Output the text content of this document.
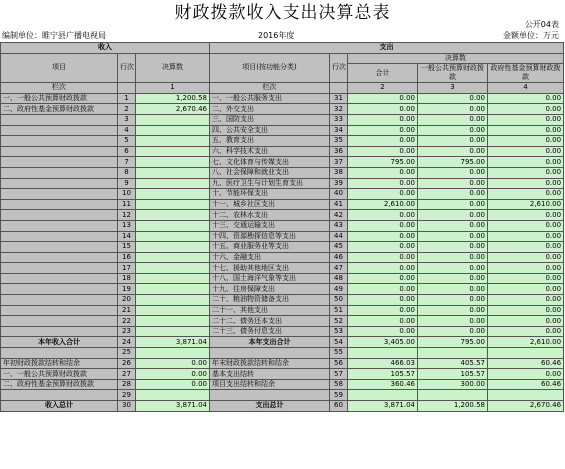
财政拨款收入支出决算总表
公开04表
编制单位： 睢宁县广播电视局	2016年度	金额单位：万元
收入			支出				
项目	行次	决算数	项目(按功能分类)	行次	决算数		
					合计	一般公共预算财政拨款	政府性基金预算财政拨款

栏次		1	栏次		2	3	4
一、一般公共预算财政拨款	1	1,200.58	一、一般公共服务支出	31	0.00	0.00	0.00
二、政府性基金预算财政拨款	2	2,670.46	二、外交支出	32	0.00	0.00	0.00
	3		三、国防支出	33	0.00	0.00	0.00
	4		四、公共安全支出	34	0.00	0.00	0.00
	5		五、教育支出	35	0.00	0.00	0.00
	6		六、科学技术支出	36	0.00	0.00	0.00
	7		七、文化体育与传媒支出	37	795.00	795.00	0.00
	8		八、社会保障和就业支出	38	0.00	0.00	0.00
	9		九、医疗卫生与计划生育支出	39	0.00	0.00	0.00
	10		十、节能环保支出	40	0.00	0.00	0.00
	11		十一、城乡社区支出	41	2,610.00	0.00	2,610.00
	12		十二、农林水支出	42	0.00	0.00	0.00
	13		十三、交通运输支出	43	0.00	0.00	0.00
	14		十四、资源勘探信息等支出	44	0.00	0.00	0.00
	15		十五、商业服务业等支出	45	0.00	0.00	0.00
	16		十六、金融支出	46	0.00	0.00	0.00
	17		十七、援助其他地区支出	47	0.00	0.00	0.00
	18		十八、国土海洋气象等支出	48	0.00	0.00	0.00
	19		十九、住房保障支出	49	0.00	0.00	0.00
	20		二十、粮油物资储备支出	50	0.00	0.00	0.00
	21		二十一、其他支出	51	0.00	0.00	0.00
	22		二十二、债务还本支出	52	0.00	0.00	0.00
	23		二十三、债务付息支出	53	0.00	0.00	0.00
本年收入合计	24	3,871.04	本年支出合计	54	3,405.00	795.00	2,610.00
	25			55			
年初财政拨款结转和结余	26	0.00	年末财政拨款结转和结余	56	466.03	405.57	60.46
一、一般公共预算财政拨款	27	0.00	基本支出结转	57	105.57	105.57	0.00
二、政府性基金预算财政拨款	28	0.00	项目支出结转和结余	58	360.46	300.00	60.46
	29			59			
收入总计	30	3,871.04	支出总计	60	3,871.04	1,200.58	2,670.46
